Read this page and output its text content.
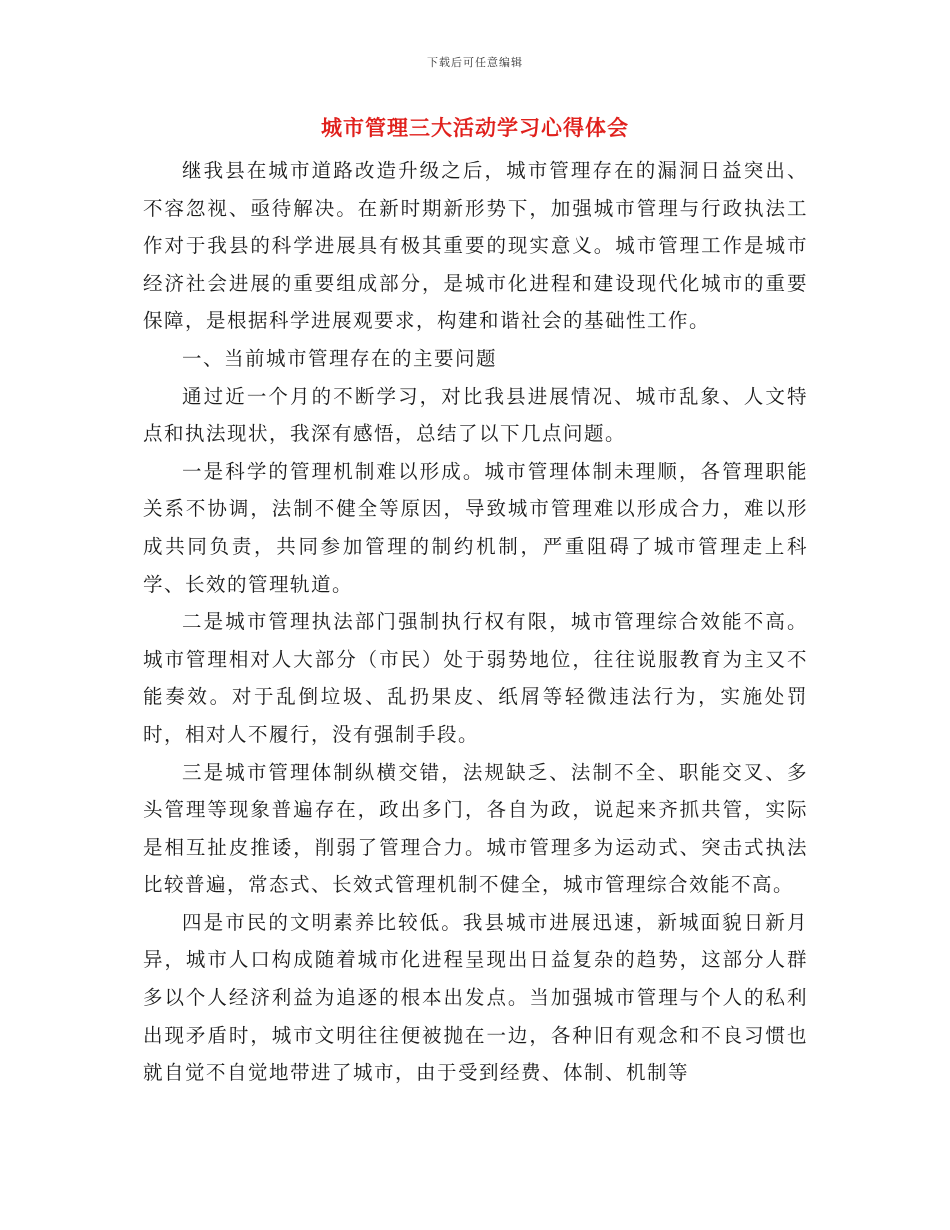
下载后可任意编辑
城市管理三大活动学习心得体会

继我县在城市道路改造升级之后，城市管理存在的漏洞日益突出、不容忽视、亟待解决。在新时期新形势下，加强城市管理与行政执法工作对于我县的科学进展具有极其重要的现实意义。城市管理工作是城市经济社会进展的重要组成部分，是城市化进程和建设现代化城市的重要保障，是根据科学进展观要求，构建和谐社会的基础性工作。

一、当前城市管理存在的主要问题

通过近一个月的不断学习，对比我县进展情况、城市乱象、人文特点和执法现状，我深有感悟，总结了以下几点问题。

一是科学的管理机制难以形成。城市管理体制未理顺，各管理职能关系不协调，法制不健全等原因，导致城市管理难以形成合力，难以形成共同负责，共同参加管理的制约机制，严重阻碍了城市管理走上科学、长效的管理轨道。

二是城市管理执法部门强制执行权有限，城市管理综合效能不高。城市管理相对人大部分（市民）处于弱势地位，往往说服教育为主又不能奏效。对于乱倒垃圾、乱扔果皮、纸屑等轻微违法行为，实施处罚时，相对人不履行，没有强制手段。

三是城市管理体制纵横交错，法规缺乏、法制不全、职能交叉、多头管理等现象普遍存在，政出多门，各自为政，说起来齐抓共管，实际是相互扯皮推诿，削弱了管理合力。城市管理多为运动式、突击式执法比较普遍，常态式、长效式管理机制不健全，城市管理综合效能不高。

四是市民的文明素养比较低。我县城市进展迅速，新城面貌日新月异，城市人口构成随着城市化进程呈现出日益复杂的趋势，这部分人群多以个人经济利益为追逐的根本出发点。当加强城市管理与个人的私利出现矛盾时，城市文明往往便被抛在一边，各种旧有观念和不良习惯也就自觉不自觉地带进了城市，由于受到经费、体制、机制等
